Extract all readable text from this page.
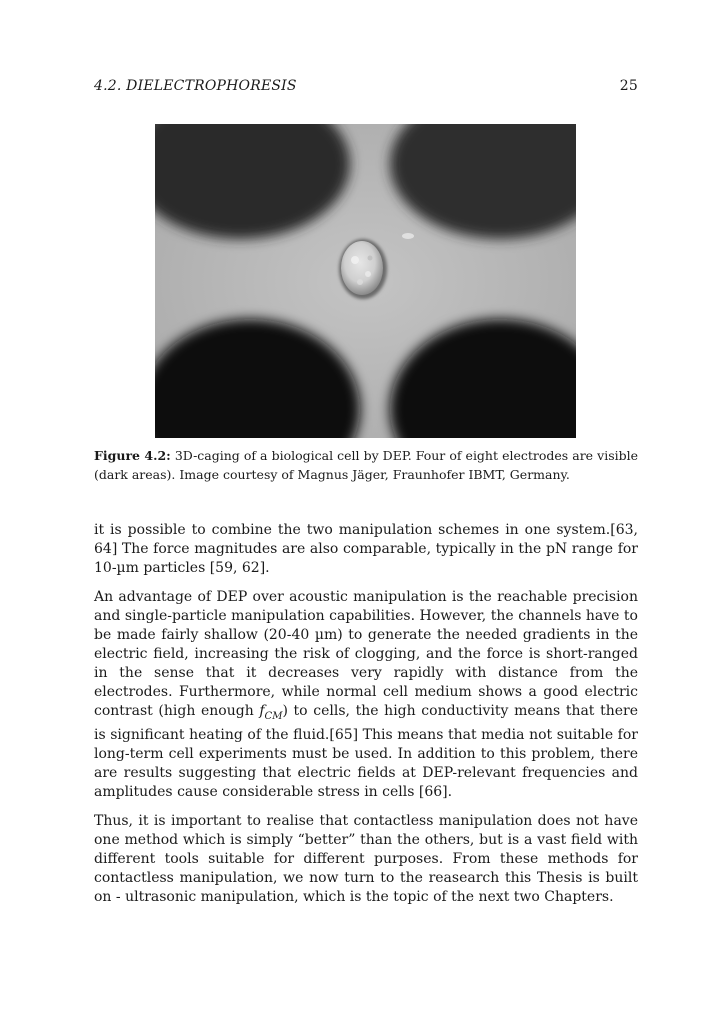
4.2. DIELECTROPHORESIS	25
Figure 4.2: 3D-caging of a biological cell by DEP. Four of eight electrodes are visible (dark areas). Image courtesy of Magnus Jäger, Fraunhofer IBMT, Germany.

it is possible to combine the two manipulation schemes in one system.[63, 64] The force magnitudes are also comparable, typically in the pN range for 10-µm particles [59, 62].

An advantage of DEP over acoustic manipulation is the reachable precision and single-particle manipulation capabilities. However, the channels have to be made fairly shallow (20-40 µm) to generate the needed gradients in the electric field, increasing the risk of clogging, and the force is short-ranged in the sense that it decreases very rapidly with distance from the electrodes. Furthermore, while normal cell medium shows a good electric contrast (high enough $f_{CM}$) to cells, the high conductivity means that there is significant heating of the fluid.[65] This means that media not suitable for long-term cell experiments must be used. In addition to this problem, there are results suggesting that electric fields at DEP-relevant frequencies and amplitudes cause considerable stress in cells [66].

Thus, it is important to realise that contactless manipulation does not have one method which is simply “better” than the others, but is a vast field with different tools suitable for different purposes. From these methods for contactless manipulation, we now turn to the reasearch this Thesis is built on - ultrasonic manipulation, which is the topic of the next two Chapters.
